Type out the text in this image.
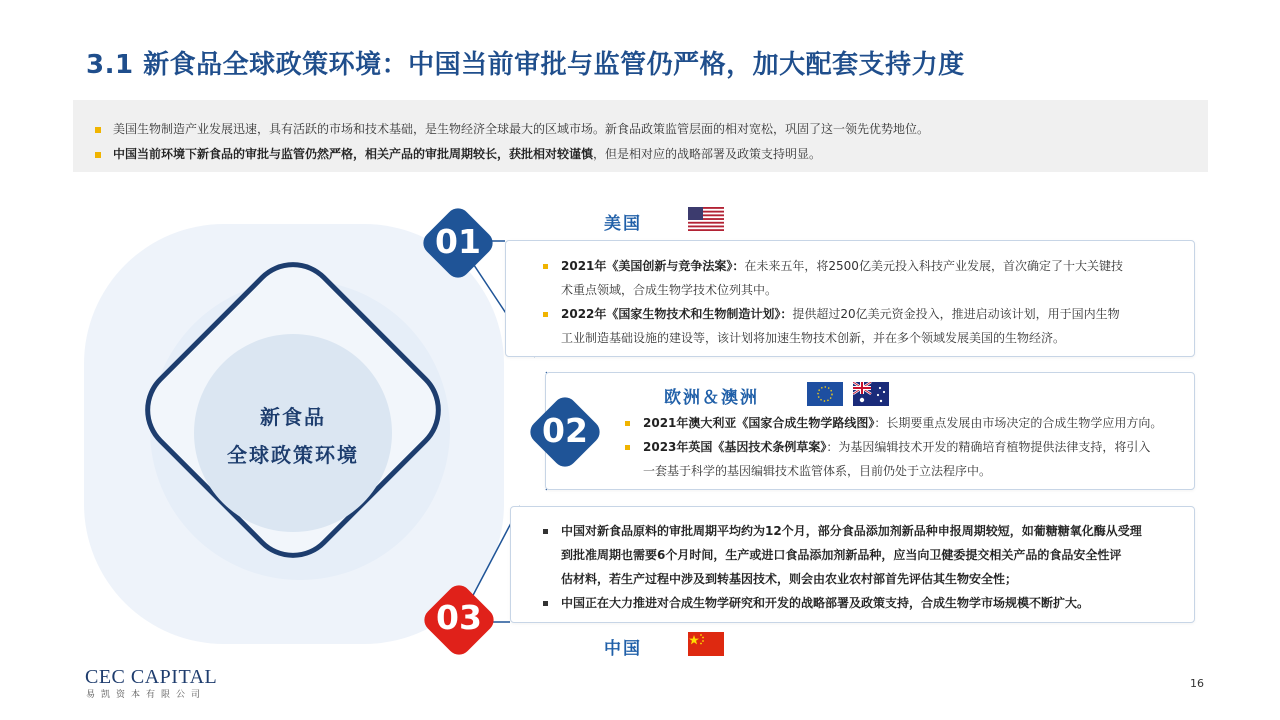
3.1 新食品全球政策环境：中国当前审批与监管仍严格，加大配套支持力度
美国生物制造产业发展迅速，具有活跃的市场和技术基础，是生物经济全球最大的区域市场。新食品政策监管层面的相对宽松，巩固了这一领先优势地位。
中国当前环境下新食品的审批与监管仍然严格，相关产品的审批周期较长，获批相对较谨慎 ，但是相对应的战略部署及政策支持明显。
新食品
全球政策环境
01
02
03
美国
欧洲＆澳洲
中国
2021年《美国创新与竞争法案》：在未来五年，将2500亿美元投入科技产业发展，首次确定了十大关键技
术重点领域，合成生物学技术位列其中。
2022年《国家生物技术和生物制造计划》：提供超过20亿美元资金投入，推进启动该计划，用于国内生物
工业制造基础设施的建设等，该计划将加速生物技术创新，并在多个领域发展美国的生物经济。
2021年澳大利亚《国家合成生物学路线图》：长期要重点发展由市场决定的合成生物学应用方向。
2023年英国《基因技术条例草案》：为基因编辑技术开发的精确培育植物提供法律支持，将引入
一套基于科学的基因编辑技术监管体系，目前仍处于立法程序中。
中国对新食品原料的审批周期平均约为12个月，部分食品添加剂新品种申报周期较短，如葡糖糖氧化酶从受理
到批准周期也需要6个月时间，生产或进口食品添加剂新品种，应当向卫健委提交相关产品的食品安全性评
估材料，若生产过程中涉及到转基因技术，则会由农业农村部首先评估其生物安全性；
中国正在大力推进对合成生物学研究和开发的战略部署及政策支持，合成生物学市场规模不断扩大。
CEC CAPITAL
易凯资本有限公司
16
